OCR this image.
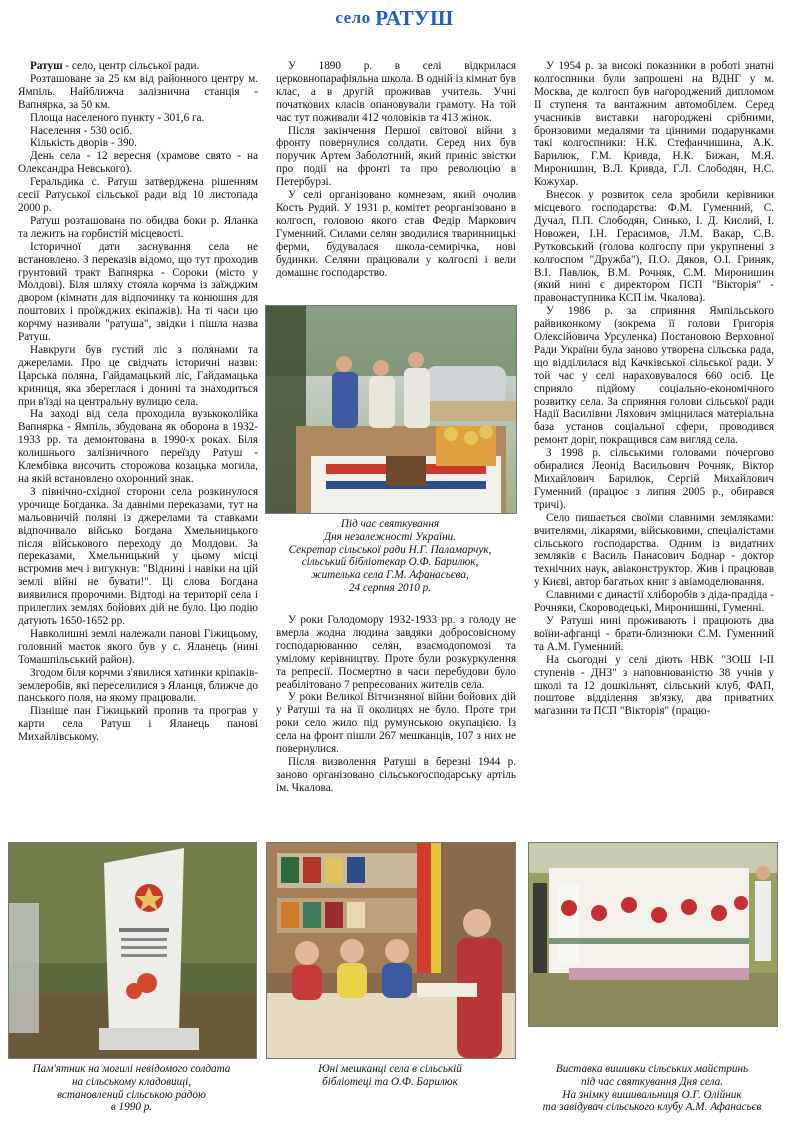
село РАТУШ

Ратуш - село, центр сільської ради.

Розташоване за 25 км від районного центру м. Ямпіль. Найближча залізнична станція - Вапнярка, за 50 км.

Площа населеного пункту - 301,6 га.

Населення - 530 осіб.

Кількість дворів - 390.

День села - 12 вересня (храмове свято - на Олександра Невського).

Геральдика с. Ратуш затверджена рішенням сесії Ратуської сільської ради від 10 листопада 2000 р.

Ратуш розташована по обидва боки р. Яланка та лежить на горбистій місцевості.

Історичної дати заснування села не встановлено. З переказів відомо, що тут проходив грунтовий тракт Вапнярка - Сороки (місто у Молдові). Біля шляху стояла корчма із заїжджим двором (кімнати для відпочинку та конюшня для поштових і проїжджих екіпажів). На ті часи цю корчму називали "ратуша", звідки і пішла назва Ратуш.

Навкруги був густий ліс з полянами та джерелами. Про це свідчать історичні назви: Царська поляна, Гайдамацький ліс, Гайдамацька криниця, яка збереглася і донині та знаходиться при в'їзді на центральну вулицю села.

На заході від села проходила вузькоколійка Вапнярка - Ямпіль, збудована як оборона в 1932-1933 рр. та демонтована в 1990-х роках. Біля колишнього залізничного переїзду Ратуш - Клембівка височить сторожова козацька могила, на якій встановлено охоронний знак.

З північно-східної сторони села розкинулося урочище Богданка. За давніми переказами, тут на мальовничій поляні із джерелами та ставками відпочивало військо Богдана Хмельницького після військового переходу до Молдови. За переказами, Хмельницький у цьому місці встромив меч і вигукнув: "Віднині і навіки на цій землі війні не бувати!". Ці слова Богдана виявилися пророчими. Відтоді на території села і прилеглих землях бойових дій не було. Цю подію датують 1650-1652 рр.

Навколишні землі належали панові Гіжицьому, головний маєток якого був у с. Яланець (нині Томашпільський район).

Згодом біля корчми з'явилися хатинки кріпаків-землеробів, які переселилися з Яланця, ближче до панського поля, на якому працювали.

Пізніше пан Гіжицький пропив та програв у карти села Ратуш і Яланець панові Михайлівському.

У 1890 р. в селі відкрилася церковнопарафіяльна школа. В одній із кімнат був клас, а в другій проживав учитель. Учні початкових класів опановували грамоту. На той час тут поживали 412 чоловіків та 413 жінок.

Після закінчення Першої світової війни з фронту повернулися солдати. Серед них був поручик Артем Заболотний, який приніс звістки про події на фронті та про революцію в Петербурзі.

У селі організовано комнезам, який очолив Кость Рудий. У 1931 р. комітет реорганізовано в колгосп, головою якого став Федір Маркович Гуменний. Силами селян зводилися тваринницькі ферми, будувалася школа-семирічка, нові будинки. Селяни працювали у колгоспі і вели домашнє господарство.

Під час святкування
Дня незалежності України.
Секретар сільської ради Н.Г. Паламарчук,
сільський бібліотекар О.Ф. Барилюк,
жителька села Г.М. Афанасьєва,
24 серпня 2010 р.

У роки Голодомору 1932-1933 рр. з голоду не вмерла жодна людина завдяки добросовісному господарюванню селян, взаємодопомозі та умілому керівництву. Проте були розкуркулення та репресії. Посмертно в часи перебудови було реабілітовано 7 репресованих жителів села.

У роки Великої Вітчизняної війни бойових дій у Ратуші та на її околицях не було. Проте три роки село жило під румунською окупацією. Із села на фронт пішли 267 мешканців, 107 з них не повернулися.

Після визволення Ратуші в березні 1944 р. заново організовано сільськогосподарську артіль ім. Чкалова.

У 1954 р. за високі показники в роботі знатні колгоспники були запрошені на ВДНГ у м. Москва, де колгосп був нагороджений дипломом II ступеня та вантажним автомобілем. Серед учасників виставки нагороджені срібними, бронзовими медалями та цінними подарунками такі колгоспники: Н.К. Стефанчишина, А.К. Барилюк, Г.М. Кривда, Н.К. Бижан, М.Я. Миронишин, В.Л. Кривда, Г.Л. Слободян, Н.С. Кожухар.

Внесок у розвиток села зробили керівники місцевого господарства: Ф.М. Гуменний, С. Дучал, П.П. Слободян, Синько, І. Д. Кислий, І. Новожен, І.Н. Герасимов, Л.М. Вакар, С.В. Рутковський (голова колгоспу при укрупненні з колгоспом "Дружба"), П.О. Дяков, О.І. Гриняк, В.І. Павлюк, В.М. Рочняк, С.М. Миронишин (який нині є директором ПСП "Вікторія" - правонаступника КСП ім. Чкалова).

У 1986 р. за сприяння Ямпільського райвиконкому (зокрема її голови Григорія Олексійовича Урсуленка) Постановою Верховної Ради України була заново утворена сільська рада, що відділилася від Качківської сільської ради. У той час у селі нараховувалося 660 осіб. Це сприяло підйому соціально-економічного розвитку села. За сприяння голови сільської ради Надії Василівни Ляхович зміцнилася матеріальна база установ соціальної сфери, проводився ремонт доріг, покращився сам вигляд села.

З 1998 р. сільськими головами почергово обиралися Леонід Васильович Рочняк, Віктор Михайлович Барилюк, Сергій Михайлович Гуменний (працює з липня 2005 р., обирався тричі).

Село пишається своїми славними земляками: вчителями, лікарями, військовими, спеціалістами сільського господарства. Одним із видатних земляків є Василь Панасович Боднар - доктор технічних наук, авіаконструктор. Жив і працював у Києві, автор багатьох книг з авіамоделювання.

Славними є династії хліборобів з діда-прадіда - Рочняки, Скороводецькі, Миронишині, Гуменні.

У Ратуші нині проживають і працюють два воїни-афганці - брати-близнюки С.М. Гуменний та А.М. Гуменний.

На сьогодні у селі діють НВК "ЗОШ I-II ступенів - ДНЗ" з наповнюваністю 38 учнів у школі та 12 дошкільнят, сільський клуб, ФАП, поштове відділення зв'язку, два приватних магазини та ПСП "Вікторія" (працю-

Пам'ятник на могилі невідомого солдата
на сільському кладовищі,
встановлений сільською радою
в 1990 р.
Юні мешканці села в сільській
бібліотеці та О.Ф. Барилюк
Виставка вишивки сільських майстринь
під час святкування Дня села.
На знімку вишивальниця О.Г. Олійник
та завідувач сільського клубу А.М. Афанасьєв
